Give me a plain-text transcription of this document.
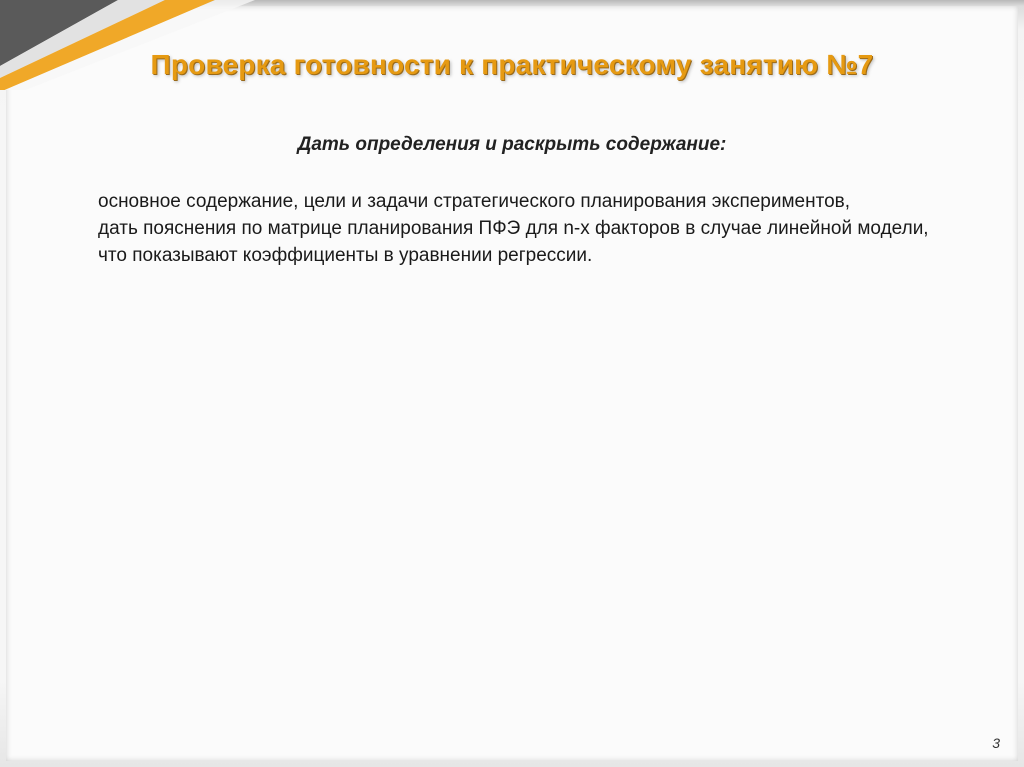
Проверка готовности к практическому занятию №7
Дать определения и раскрыть содержание:

основное содержание, цели и задачи стратегического планирования экспериментов,

дать пояснения по матрице планирования ПФЭ для n-х факторов в случае линейной модели,

что показывают коэффициенты в уравнении регрессии.

3
